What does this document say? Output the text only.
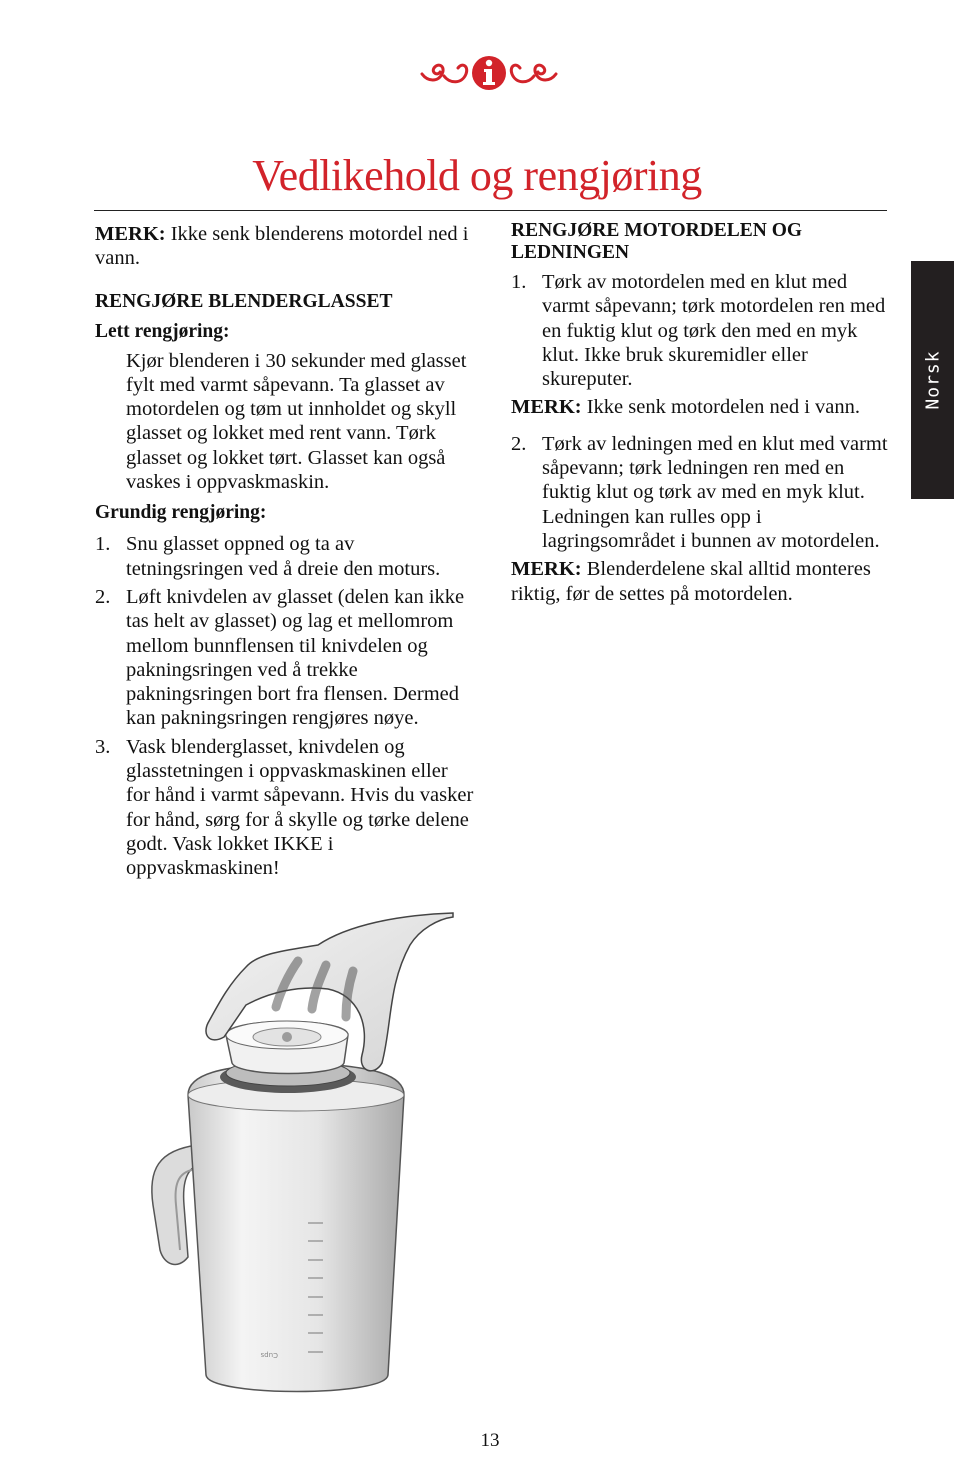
Vedlikehold og rengjøring
Norsk

MERK: Ikke senk blenderens motordel ned i vann.

RENGJØRE BLENDERGLASSET

Lett rengjøring:

Kjør blenderen i 30 sekunder med glasset fylt med varmt såpevann. Ta glasset av motordelen og tøm ut innholdet og skyll glasset og lokket med rent vann. Tørk glasset og lokket tørt. Glasset kan også vaskes i oppvaskmaskin.

Grundig rengjøring:

1. Snu glasset oppned og ta av tetningsringen ved å dreie den moturs.
2. Løft knivdelen av glasset (delen kan ikke tas helt av glasset) og lag et mellomrom mellom bunnflensen til knivdelen og pakningsringen ved å trekke pakningsringen bort fra flensen. Dermed kan pakningsringen rengjøres nøye.
3. Vask blenderglasset, knivdelen og glasstetningen i oppvaskmaskinen eller for hånd i varmt såpevann. Hvis du vasker for hånd, sørg for å skylle og tørke delene godt. Vask lokket IKKE i oppvaskmaskinen!

RENGJØRE MOTORDELEN OG LEDNINGEN

1. Tørk av motordelen med en klut med varmt såpevann; tørk motordelen ren med en fuktig klut og tørk den med en myk klut. Ikke bruk skuremidler eller skureputer.

MERK: Ikke senk motordelen ned i vann.

2. Tørk av ledningen med en klut med varmt såpevann; tørk ledningen ren med en fuktig klut og tørk av med en myk klut. Ledningen kan rulles opp i lagringsområdet i bunnen av motordelen.

MERK: Blenderdelene skal alltid monteres riktig, før de settes på motordelen.

Cups
13
